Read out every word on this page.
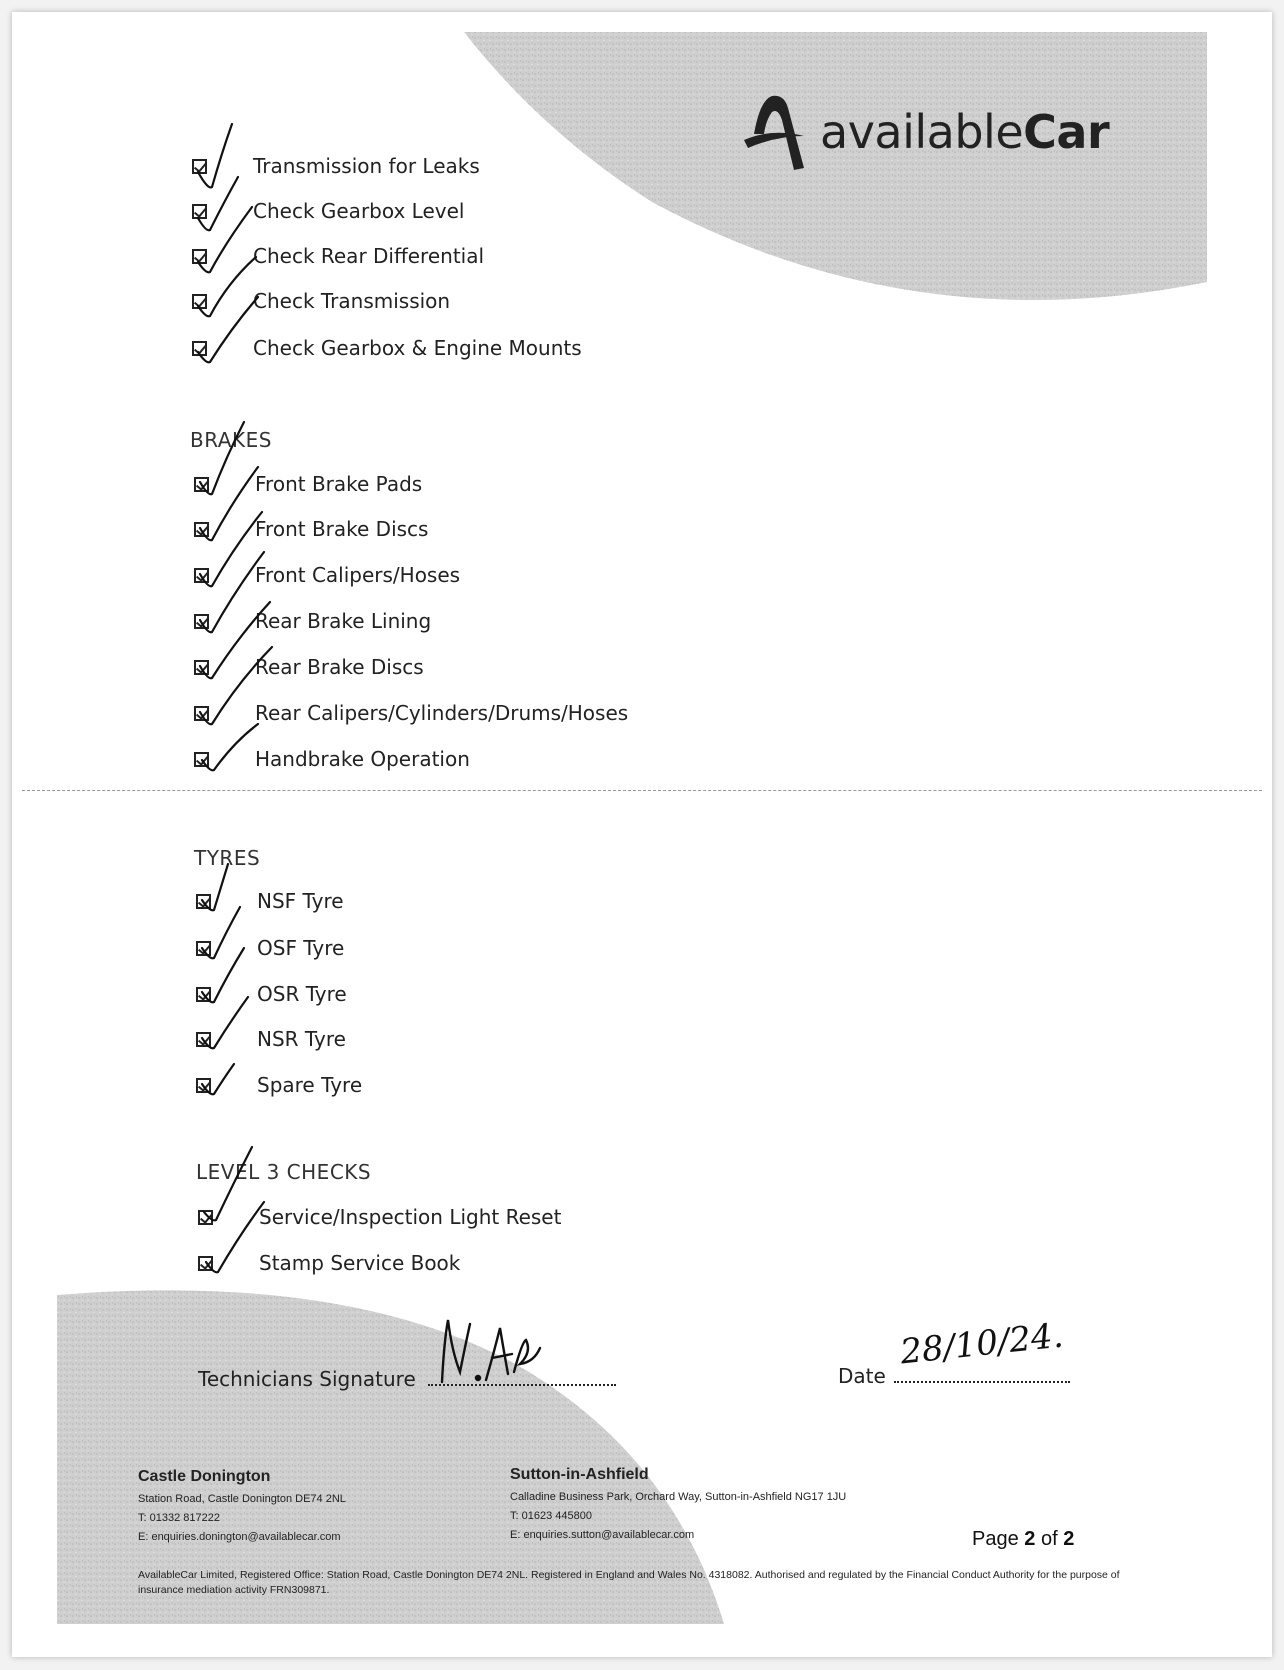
availableCar
Transmission for Leaks
Check Gearbox Level
Check Rear Differential
Check Transmission
Check Gearbox & Engine Mounts
BRAKES
Front Brake Pads
Front Brake Discs
Front Calipers/Hoses
Rear Brake Lining
Rear Brake Discs
Rear Calipers/Cylinders/Drums/Hoses
Handbrake Operation
TYRES
NSF Tyre
OSF Tyre
OSR Tyre
NSR Tyre
Spare Tyre
LEVEL 3 CHECKS
Service/Inspection Light Reset
Stamp Service Book
Technicians Signature	Date
28/10/24.
Castle Donington
Station Road, Castle Donington DE74 2NL
T: 01332 817222
E: enquiries.donington@availablecar.com
Sutton-in-Ashfield
Calladine Business Park, Orchard Way, Sutton-in-Ashfield NG17 1JU
T: 01623 445800
E: enquiries.sutton@availablecar.com	Page 2 of 2
AvailableCar Limited, Registered Office: Station Road, Castle Donington DE74 2NL. Registered in England and Wales No. 4318082. Authorised and regulated by the Financial Conduct Authority for the purpose of insurance mediation activity FRN309871.
